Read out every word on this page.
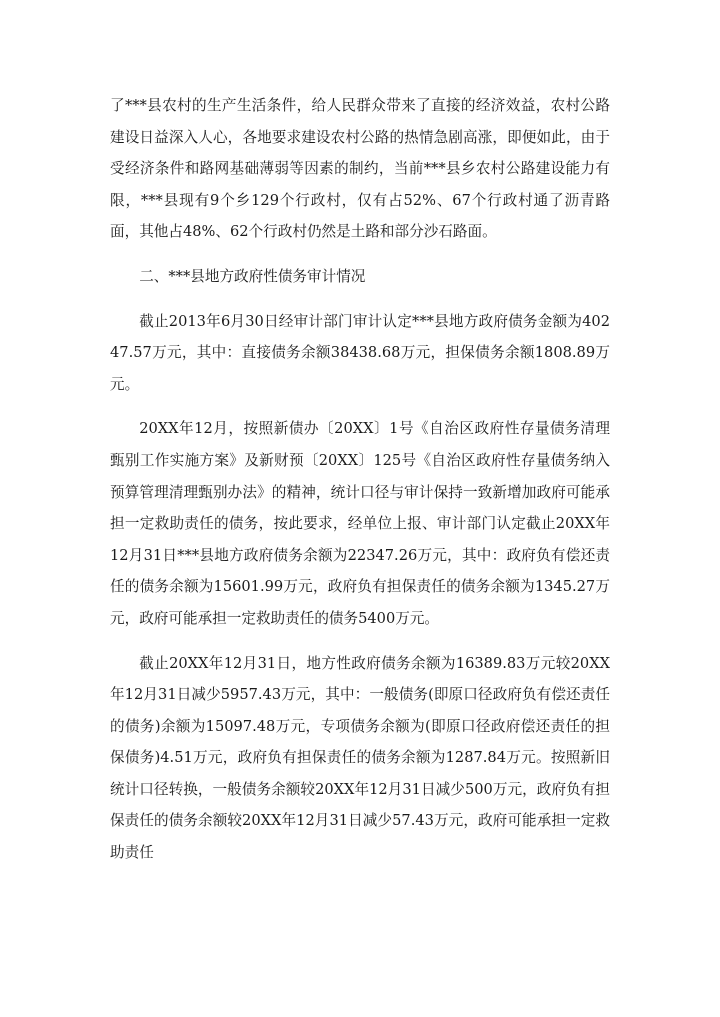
了***县农村的生产生活条件，给人民群众带来了直接的经济效益，农村公路建设日益深入人心，各地要求建设农村公路的热情急剧高涨，即便如此，由于受经济条件和路网基础薄弱等因素的制约，当前***县乡农村公路建设能力有限，***县现有9个乡129个行政村，仅有占52%、67个行政村通了沥青路面，其他占48%、62个行政村仍然是土路和部分沙石路面。

二、***县地方政府性债务审计情况

截止2013年6月30日经审计部门审计认定***县地方政府债务金额为40247.57万元，其中：直接债务余额38438.68万元，担保债务余额1808.89万元。

20XX年12月，按照新债办〔20XX〕1号《自治区政府性存量债务清理甄别工作实施方案》及新财预〔20XX〕125号《自治区政府性存量债务纳入预算管理清理甄别办法》的精神，统计口径与审计保持一致新增加政府可能承担一定救助责任的债务，按此要求，经单位上报、审计部门认定截止20XX年12月31日***县地方政府债务余额为22347.26万元，其中：政府负有偿还责任的债务余额为15601.99万元，政府负有担保责任的债务余额为1345.27万元，政府可能承担一定救助责任的债务5400万元。

截止20XX年12月31日，地方性政府债务余额为16389.83万元较20XX年12月31日减少5957.43万元，其中：一般债务(即原口径政府负有偿还责任的债务)余额为15097.48万元，专项债务余额为(即原口径政府偿还责任的担保债务)4.51万元，政府负有担保责任的债务余额为1287.84万元。按照新旧统计口径转换，一般债务余额较20XX年12月31日减少500万元，政府负有担保责任的债务余额较20XX年12月31日减少57.43万元，政府可能承担一定救助责任
